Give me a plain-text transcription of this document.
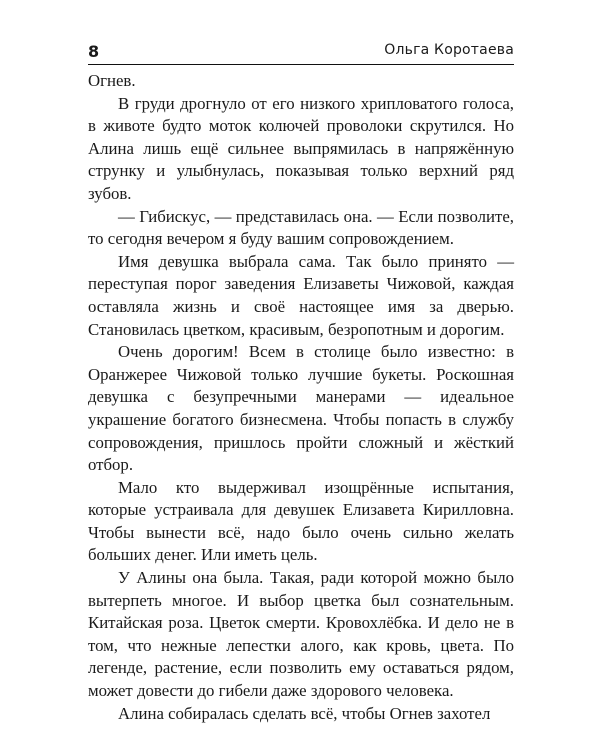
8	Ольга Коротаева

Огнев.

В груди дрогнуло от его низкого хрипловатого голоса, в животе будто моток колючей проволоки скрутился. Но Алина лишь ещё сильнее выпрямилась в напряжённую струнку и улыбнулась, показывая только верхний ряд зубов.

— Гибискус, — представилась она. — Если позволите, то сегодня вечером я буду вашим сопровождением.

Имя девушка выбрала сама. Так было принято — переступая порог заведения Елизаветы Чижовой, каждая оставляла жизнь и своё настоящее имя за дверью. Становилась цветком, красивым, безропотным и дорогим.

Очень дорогим! Всем в столице было известно: в Оранжерее Чижовой только лучшие букеты. Роскошная девушка с безупречными манерами — идеальное украшение богатого бизнесмена. Чтобы попасть в службу сопровождения, пришлось пройти сложный и жёсткий отбор.

Мало кто выдерживал изощрённые испытания, которые устраивала для девушек Елизавета Кирилловна. Чтобы вынести всё, надо было очень сильно желать больших денег. Или иметь цель.

У Алины она была. Такая, ради которой можно было вытерпеть многое. И выбор цветка был сознательным. Китайская роза. Цветок смерти. Кровохлёбка. И дело не в том, что нежные лепестки алого, как кровь, цвета. По легенде, растение, если позволить ему оставаться рядом, может довести до гибели даже здорового человека.

Алина собиралась сделать всё, чтобы Огнев захотел
